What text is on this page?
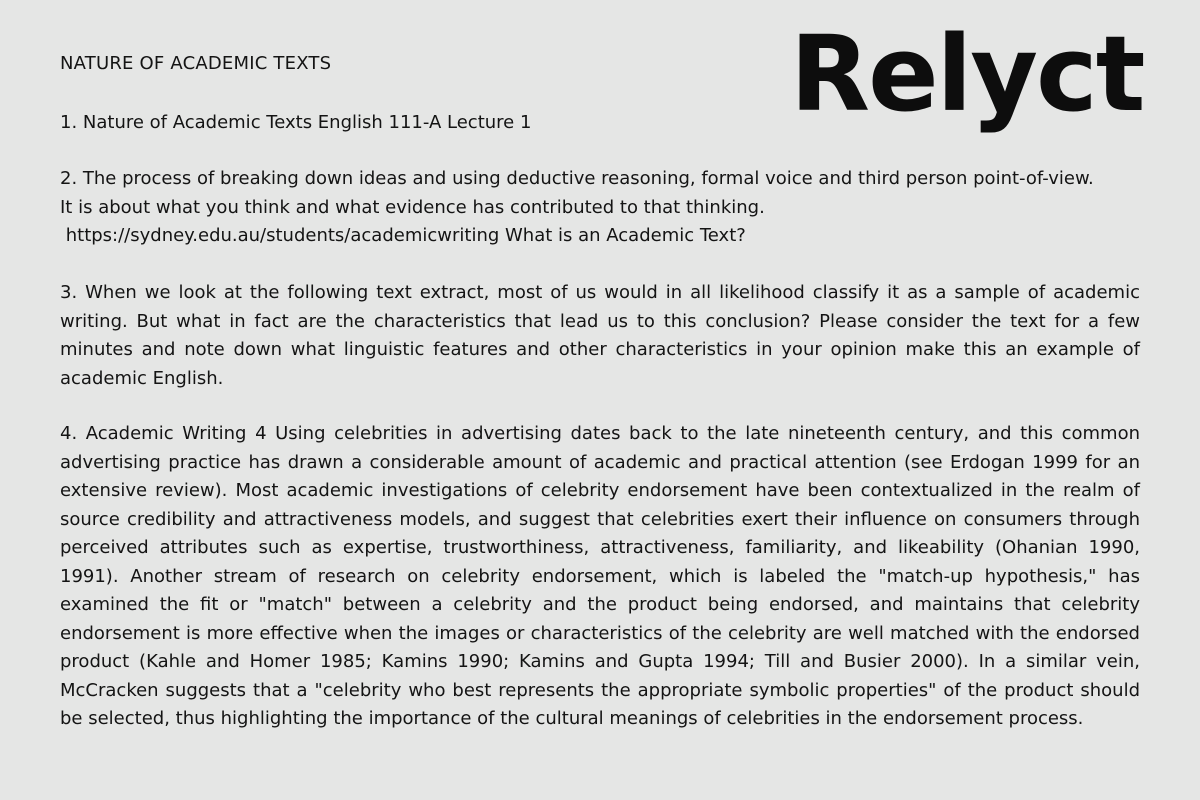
Relyct
NATURE OF ACADEMIC TEXTS
1. Nature of Academic Texts English 111-A Lecture 1
2. The process of breaking down ideas and using deductive reasoning, formal voice and third person point-of-view.
It is about what you think and what evidence has contributed to that thinking.
https://sydney.edu.au/students/academicwriting What is an Academic Text?
3. When we look at the following text extract, most of us would in all likelihood classify it as a sample of academic writing. But what in fact are the characteristics that lead us to this conclusion? Please consider the text for a few minutes and note down what linguistic features and other characteristics in your opinion make this an example of academic English.
4. Academic Writing 4 Using celebrities in advertising dates back to the late nineteenth century, and this common advertising practice has drawn a considerable amount of academic and practical attention (see Erdogan 1999 for an extensive review). Most academic investigations of celebrity endorsement have been contextualized in the realm of source credibility and attractiveness models, and suggest that celebrities exert their influence on consumers through perceived attributes such as expertise, trustworthiness, attractiveness, familiarity, and likeability (Ohanian 1990, 1991). Another stream of research on celebrity endorsement, which is labeled the "match-up hypothesis," has examined the fit or "match" between a celebrity and the product being endorsed, and maintains that celebrity endorsement is more effective when the images or characteristics of the celebrity are well matched with the endorsed product (Kahle and Homer 1985; Kamins 1990; Kamins and Gupta 1994; Till and Busier 2000). In a similar vein, McCracken suggests that a "celebrity who best represents the appropriate symbolic properties" of the product should be selected, thus highlighting the importance of the cultural meanings of celebrities in the endorsement process.
